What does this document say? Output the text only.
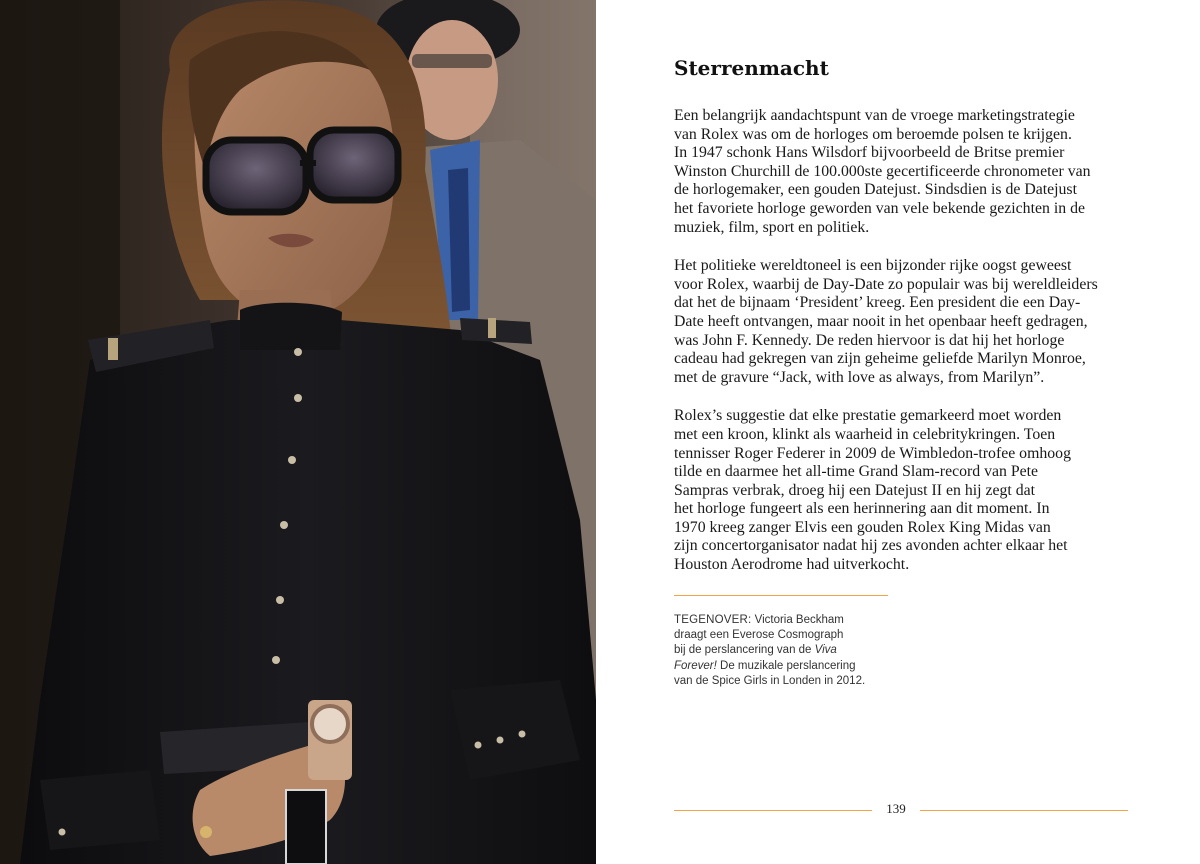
Sterrenmacht

Een belangrijk aandachtspunt van de vroege marketingstrategie
van Rolex was om de horloges om beroemde polsen te krijgen.
In 1947 schonk Hans Wilsdorf bijvoorbeeld de Britse premier
Winston Churchill de 100.000ste gecertificeerde chronometer van
de horlogemaker, een gouden Datejust. Sindsdien is de Datejust
het favoriete horloge geworden van vele bekende gezichten in de
muziek, film, sport en politiek.

Het politieke wereldtoneel is een bijzonder rijke oogst geweest
voor Rolex, waarbij de Day-Date zo populair was bij wereldleiders
dat het de bijnaam ‘President’ kreeg. Een president die een Day-
Date heeft ontvangen, maar nooit in het openbaar heeft gedragen,
was John F. Kennedy. De reden hiervoor is dat hij het horloge
cadeau had gekregen van zijn geheime geliefde Marilyn Monroe,
met de gravure “Jack, with love as always, from Marilyn”.

Rolex’s suggestie dat elke prestatie gemarkeerd moet worden
met een kroon, klinkt als waarheid in celebritykringen. Toen
tennisser Roger Federer in 2009 de Wimbledon-trofee omhoog
tilde en daarmee het all-time Grand Slam-record van Pete
Sampras verbrak, droeg hij een Datejust II en hij zegt dat
het horloge fungeert als een herinnering aan dit moment. In
1970 kreeg zanger Elvis een gouden Rolex King Midas van
zijn concertorganisator nadat hij zes avonden achter elkaar het
Houston Aerodrome had uitverkocht.

TEGENOVER: Victoria Beckham
draagt een Everose Cosmograph
bij de perslancering van de Viva
Forever! De muzikale perslancering
van de Spice Girls in Londen in 2012.
139
